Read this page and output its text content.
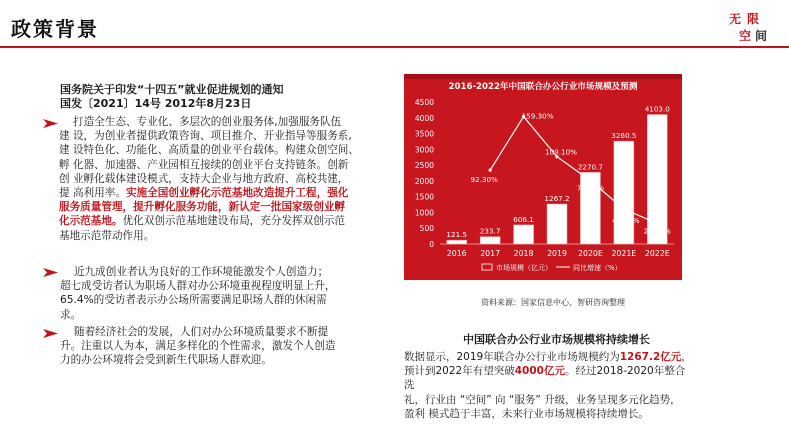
政策背景	无 限
空 间
国务院关于印发“十四五”就业促进规划的通知
国发〔2021〕14号 2012年8月23日
打造全生态、专业化、多层次的创业服务体,加强服务队伍
建 设，为创业者提供政策咨询、项目推介、开业指导等服务系,
建 设特色化、功能化、高质量的创业平台载体。构建众创空间、
孵 化器、加速器、产业园相互接续的创业平台支持链条。创新
创 业孵化载体建设模式，支持大企业与地方政府、高校共建，
提 高利用率。实施全国创业孵化示范基地改造提升工程，强化
服务质量管理，提升孵化服务功能，新认定一批国家级创业孵
化示范基地。优化双创示范基地建设布局，充分发挥双创示范
基地示范带动作用。
近九成创业者认为良好的工作环境能激发个人创造力；
超七成受访者认为职场人群对办公环境重视程度明显上升，
65.4%的受访者表示办公场所需要满足职场人群的休闲需
求。
随着经济社会的发展，人们对办公环境质量要求不断提
升。注重以人为本，满足多样化的个性需求，激发个人创造
力的办公环境将会受到新生代职场人群欢迎。
2016-2022年中国联合办公行业市场规模及预测
0
500
1000
1500
2000
2500
3000
3500
4000
4500
121.5
2016
233.7
2017
606.1
2018
1267.2
2019
2270.7
2020E
3260.5
2021E
4103.0
2022E
92.30%
159.30%
109.10%
79.20%
43.60%
25.80%
市场规模（亿元）	同比增速（%）
资料来源：国家信息中心、智研咨询整理
中国联合办公行业市场规模将持续增长
数据显示，2019年联合办公行业市场规模约为1267.2亿元，
预计到2022年有望突破4000亿元。经过2018-2020年整合洗
礼，行业由 “空间” 向 “服务” 升级，业务呈现多元化趋势，
盈利 模式趋于丰富，未来行业市场规模将持续增长。
